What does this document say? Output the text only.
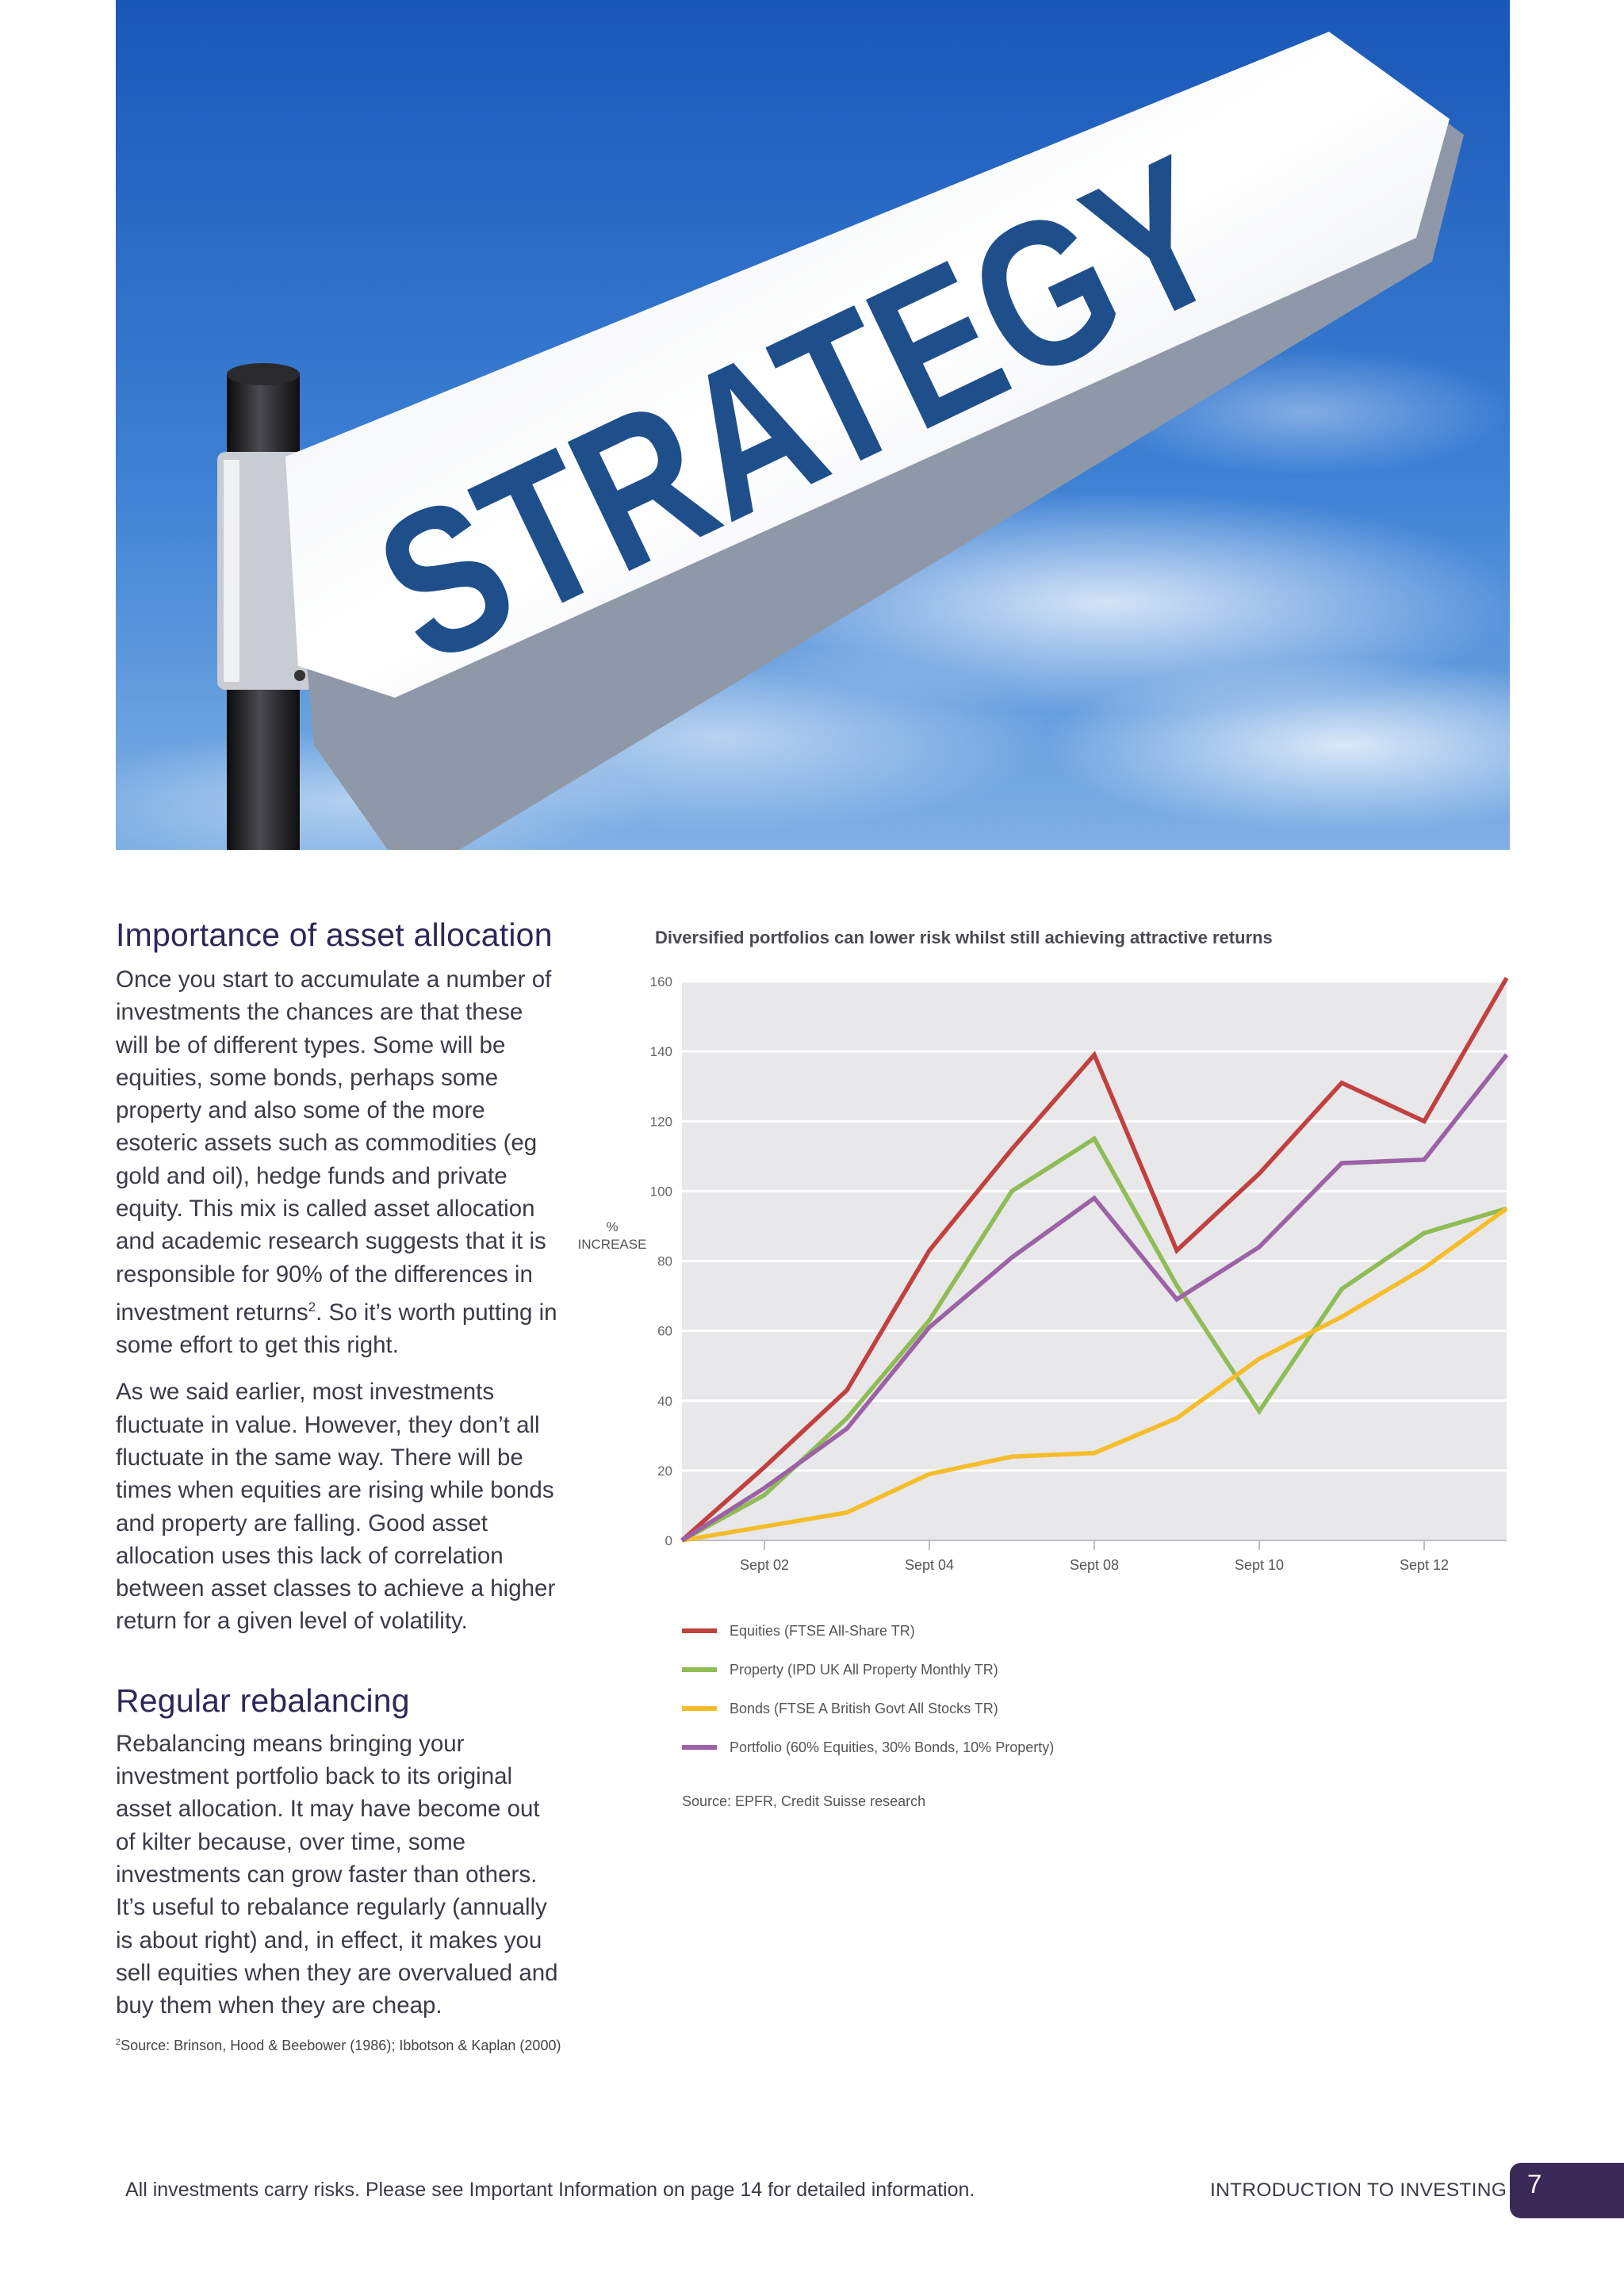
STRATEGY
Importance of asset allocation

Once you start to accumulate a number of investments the chances are that these will be of different types. Some will be equities, some bonds, perhaps some property and also some of the more esoteric assets such as commodities (eg gold and oil), hedge funds and private equity. This mix is called asset allocation and academic research suggests that it is responsible for 90% of the differences in investment returns$^2$. So it’s worth putting in some effort to get this right.

As we said earlier, most investments fluctuate in value. However, they don’t all fluctuate in the same way. There will be times when equities are rising while bonds and property are falling. Good asset allocation uses this lack of correlation between asset classes to achieve a higher return for a given level of volatility.

Regular rebalancing

Rebalancing means bringing your investment portfolio back to its original asset allocation. It may have become out of kilter because, over time, some investments can grow faster than others. It’s useful to rebalance regularly (annually is about right) and, in effect, it makes you sell equities when they are overvalued and buy them when they are cheap.

$^2$Source: Brinson, Hood & Beebower (1986); Ibbotson & Kaplan (2000)

Diversified portfolios can lower risk whilst still achieving attractive returns

0
20
40
60
80
100
120
140
160
Sept 02	Sept 04	Sept 08	Sept 10	Sept 12
%
INCREASE
Equities (FTSE All-Share TR)
Property (IPD UK All Property Monthly TR)
Bonds (FTSE A British Govt All Stocks TR)
Portfolio (60% Equities, 30% Bonds, 10% Property)
Source: EPFR, Credit Suisse research

All investments carry risks. Please see Important Information on page 14 for detailed information.	INTRODUCTION TO INVESTING 7
